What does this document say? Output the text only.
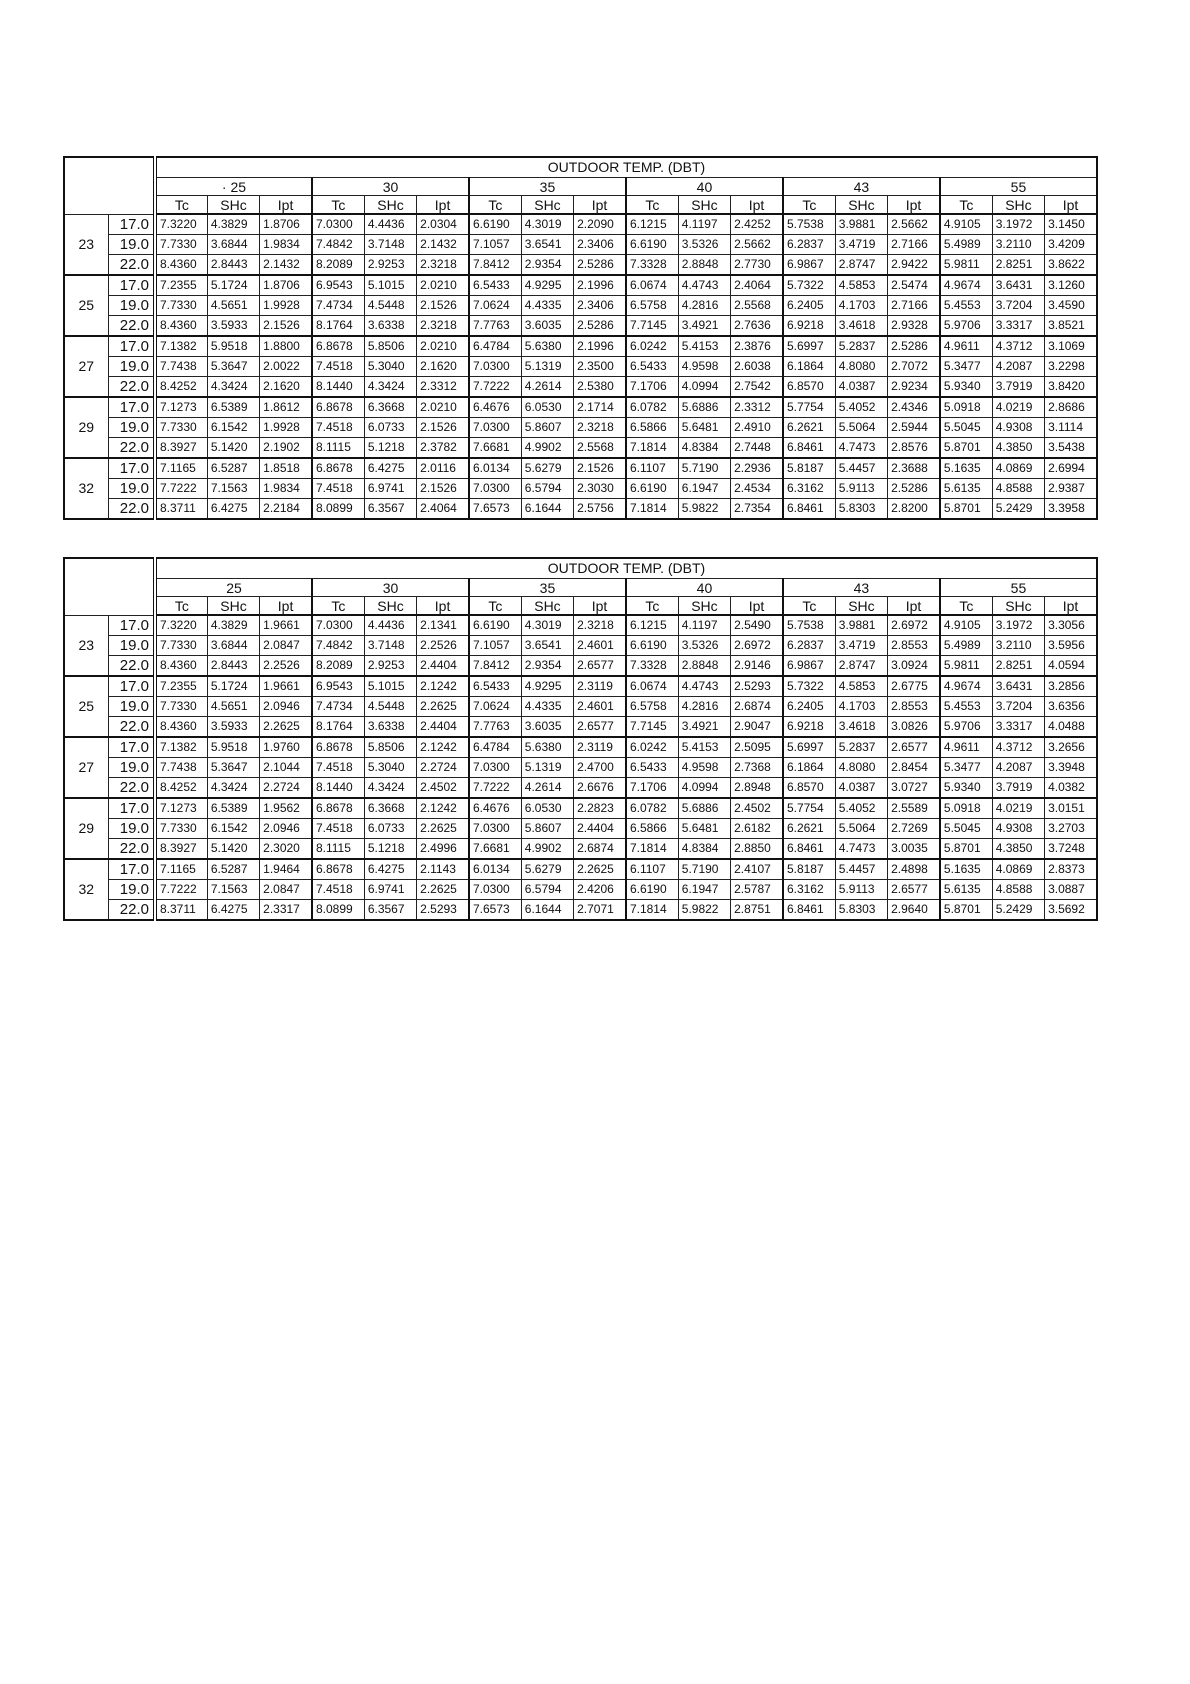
		OUTDOOR TEMP. (DBT)																	
		· 25			30			35			40			43			55		
		Tc	SHc	Ipt	Tc	SHc	Ipt	Tc	SHc	Ipt	Tc	SHc	Ipt	Tc	SHc	Ipt	Tc	SHc	Ipt
23	17.0	7.3220	4.3829	1.8706	7.0300	4.4436	2.0304	6.6190	4.3019	2.2090	6.1215	4.1197	2.4252	5.7538	3.9881	2.5662	4.9105	3.1972	3.1450
	19.0	7.7330	3.6844	1.9834	7.4842	3.7148	2.1432	7.1057	3.6541	2.3406	6.6190	3.5326	2.5662	6.2837	3.4719	2.7166	5.4989	3.2110	3.4209
	22.0	8.4360	2.8443	2.1432	8.2089	2.9253	2.3218	7.8412	2.9354	2.5286	7.3328	2.8848	2.7730	6.9867	2.8747	2.9422	5.9811	2.8251	3.8622
25	17.0	7.2355	5.1724	1.8706	6.9543	5.1015	2.0210	6.5433	4.9295	2.1996	6.0674	4.4743	2.4064	5.7322	4.5853	2.5474	4.9674	3.6431	3.1260
	19.0	7.7330	4.5651	1.9928	7.4734	4.5448	2.1526	7.0624	4.4335	2.3406	6.5758	4.2816	2.5568	6.2405	4.1703	2.7166	5.4553	3.7204	3.4590
	22.0	8.4360	3.5933	2.1526	8.1764	3.6338	2.3218	7.7763	3.6035	2.5286	7.7145	3.4921	2.7636	6.9218	3.4618	2.9328	5.9706	3.3317	3.8521
27	17.0	7.1382	5.9518	1.8800	6.8678	5.8506	2.0210	6.4784	5.6380	2.1996	6.0242	5.4153	2.3876	5.6997	5.2837	2.5286	4.9611	4.3712	3.1069
	19.0	7.7438	5.3647	2.0022	7.4518	5.3040	2.1620	7.0300	5.1319	2.3500	6.5433	4.9598	2.6038	6.1864	4.8080	2.7072	5.3477	4.2087	3.2298
	22.0	8.4252	4.3424	2.1620	8.1440	4.3424	2.3312	7.7222	4.2614	2.5380	7.1706	4.0994	2.7542	6.8570	4.0387	2.9234	5.9340	3.7919	3.8420
29	17.0	7.1273	6.5389	1.8612	6.8678	6.3668	2.0210	6.4676	6.0530	2.1714	6.0782	5.6886	2.3312	5.7754	5.4052	2.4346	5.0918	4.0219	2.8686
	19.0	7.7330	6.1542	1.9928	7.4518	6.0733	2.1526	7.0300	5.8607	2.3218	6.5866	5.6481	2.4910	6.2621	5.5064	2.5944	5.5045	4.9308	3.1114
	22.0	8.3927	5.1420	2.1902	8.1115	5.1218	2.3782	7.6681	4.9902	2.5568	7.1814	4.8384	2.7448	6.8461	4.7473	2.8576	5.8701	4.3850	3.5438
32	17.0	7.1165	6.5287	1.8518	6.8678	6.4275	2.0116	6.0134	5.6279	2.1526	6.1107	5.7190	2.2936	5.8187	5.4457	2.3688	5.1635	4.0869	2.6994
	19.0	7.7222	7.1563	1.9834	7.4518	6.9741	2.1526	7.0300	6.5794	2.3030	6.6190	6.1947	2.4534	6.3162	5.9113	2.5286	5.6135	4.8588	2.9387
	22.0	8.3711	6.4275	2.2184	8.0899	6.3567	2.4064	7.6573	6.1644	2.5756	7.1814	5.9822	2.7354	6.8461	5.8303	2.8200	5.8701	5.2429	3.3958
		OUTDOOR TEMP. (DBT)																	
		25			30			35			40			43			55		
		Tc	SHc	Ipt	Tc	SHc	Ipt	Tc	SHc	Ipt	Tc	SHc	Ipt	Tc	SHc	Ipt	Tc	SHc	Ipt
23	17.0	7.3220	4.3829	1.9661	7.0300	4.4436	2.1341	6.6190	4.3019	2.3218	6.1215	4.1197	2.5490	5.7538	3.9881	2.6972	4.9105	3.1972	3.3056
	19.0	7.7330	3.6844	2.0847	7.4842	3.7148	2.2526	7.1057	3.6541	2.4601	6.6190	3.5326	2.6972	6.2837	3.4719	2.8553	5.4989	3.2110	3.5956
	22.0	8.4360	2.8443	2.2526	8.2089	2.9253	2.4404	7.8412	2.9354	2.6577	7.3328	2.8848	2.9146	6.9867	2.8747	3.0924	5.9811	2.8251	4.0594
25	17.0	7.2355	5.1724	1.9661	6.9543	5.1015	2.1242	6.5433	4.9295	2.3119	6.0674	4.4743	2.5293	5.7322	4.5853	2.6775	4.9674	3.6431	3.2856
	19.0	7.7330	4.5651	2.0946	7.4734	4.5448	2.2625	7.0624	4.4335	2.4601	6.5758	4.2816	2.6874	6.2405	4.1703	2.8553	5.4553	3.7204	3.6356
	22.0	8.4360	3.5933	2.2625	8.1764	3.6338	2.4404	7.7763	3.6035	2.6577	7.7145	3.4921	2.9047	6.9218	3.4618	3.0826	5.9706	3.3317	4.0488
27	17.0	7.1382	5.9518	1.9760	6.8678	5.8506	2.1242	6.4784	5.6380	2.3119	6.0242	5.4153	2.5095	5.6997	5.2837	2.6577	4.9611	4.3712	3.2656
	19.0	7.7438	5.3647	2.1044	7.4518	5.3040	2.2724	7.0300	5.1319	2.4700	6.5433	4.9598	2.7368	6.1864	4.8080	2.8454	5.3477	4.2087	3.3948
	22.0	8.4252	4.3424	2.2724	8.1440	4.3424	2.4502	7.7222	4.2614	2.6676	7.1706	4.0994	2.8948	6.8570	4.0387	3.0727	5.9340	3.7919	4.0382
29	17.0	7.1273	6.5389	1.9562	6.8678	6.3668	2.1242	6.4676	6.0530	2.2823	6.0782	5.6886	2.4502	5.7754	5.4052	2.5589	5.0918	4.0219	3.0151
	19.0	7.7330	6.1542	2.0946	7.4518	6.0733	2.2625	7.0300	5.8607	2.4404	6.5866	5.6481	2.6182	6.2621	5.5064	2.7269	5.5045	4.9308	3.2703
	22.0	8.3927	5.1420	2.3020	8.1115	5.1218	2.4996	7.6681	4.9902	2.6874	7.1814	4.8384	2.8850	6.8461	4.7473	3.0035	5.8701	4.3850	3.7248
32	17.0	7.1165	6.5287	1.9464	6.8678	6.4275	2.1143	6.0134	5.6279	2.2625	6.1107	5.7190	2.4107	5.8187	5.4457	2.4898	5.1635	4.0869	2.8373
	19.0	7.7222	7.1563	2.0847	7.4518	6.9741	2.2625	7.0300	6.5794	2.4206	6.6190	6.1947	2.5787	6.3162	5.9113	2.6577	5.6135	4.8588	3.0887
	22.0	8.3711	6.4275	2.3317	8.0899	6.3567	2.5293	7.6573	6.1644	2.7071	7.1814	5.9822	2.8751	6.8461	5.8303	2.9640	5.8701	5.2429	3.5692
